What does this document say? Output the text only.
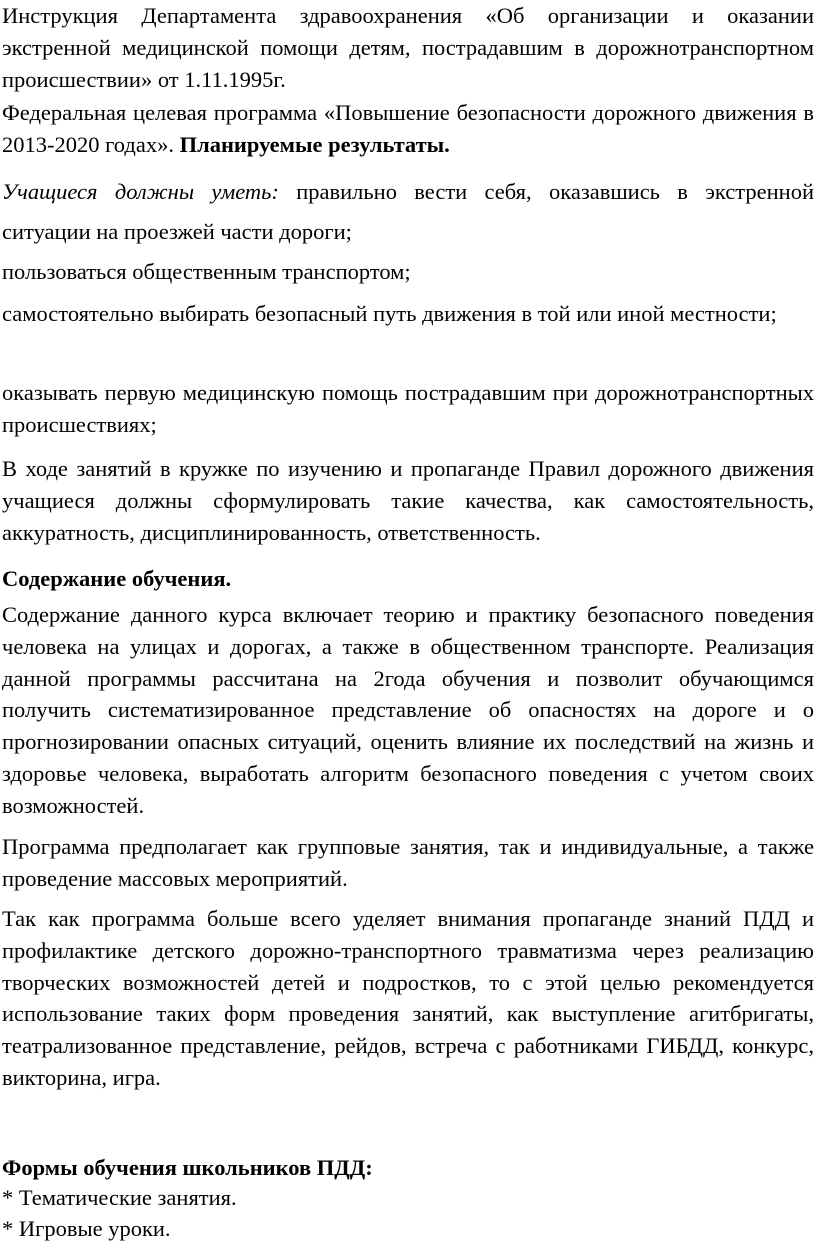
Инструкция Департамента здравоохранения «Об организации и оказании экстренной медицинской помощи детям, пострадавшим в дорожнотранспортном происшествии» от 1.11.1995г.

Федеральная целевая программа «Повышение безопасности дорожного движения в 2013-2020 годах». Планируемые результаты.

Учащиеся должны уметь: правильно вести себя, оказавшись в экстренной ситуации на проезжей части дороги;

пользоваться общественным транспортом;

самостоятельно выбирать безопасный путь движения в той или иной местности;

оказывать первую медицинскую помощь пострадавшим при дорожнотранспортных происшествиях;

В ходе занятий в кружке по изучению и пропаганде Правил дорожного движения учащиеся должны сформулировать такие качества, как самостоятельность, аккуратность, дисциплинированность, ответственность.

Содержание обучения.

Содержание данного курса включает теорию и практику безопасного поведения человека на улицах и дорогах, а также в общественном транспорте. Реализация данной программы рассчитана на 2года обучения и позволит обучающимся получить систематизированное представление об опасностях на дороге и о прогнозировании опасных ситуаций, оценить влияние их последствий на жизнь и здоровье человека, выработать алгоритм безопасного поведения с учетом своих возможностей.

Программа предполагает как групповые занятия, так и индивидуальные, а также проведение массовых мероприятий.

Так как программа больше всего уделяет внимания пропаганде знаний ПДД и профилактике детского дорожно-транспортного травматизма через реализацию творческих возможностей детей и подростков, то с этой целью рекомендуется использование таких форм проведения занятий, как выступление агитбригаты, театрализованное представление, рейдов, встреча с работниками ГИБДД, конкурс, викторина, игра.

Формы обучения школьников ПДД:

* Тематические занятия.

* Игровые уроки.
